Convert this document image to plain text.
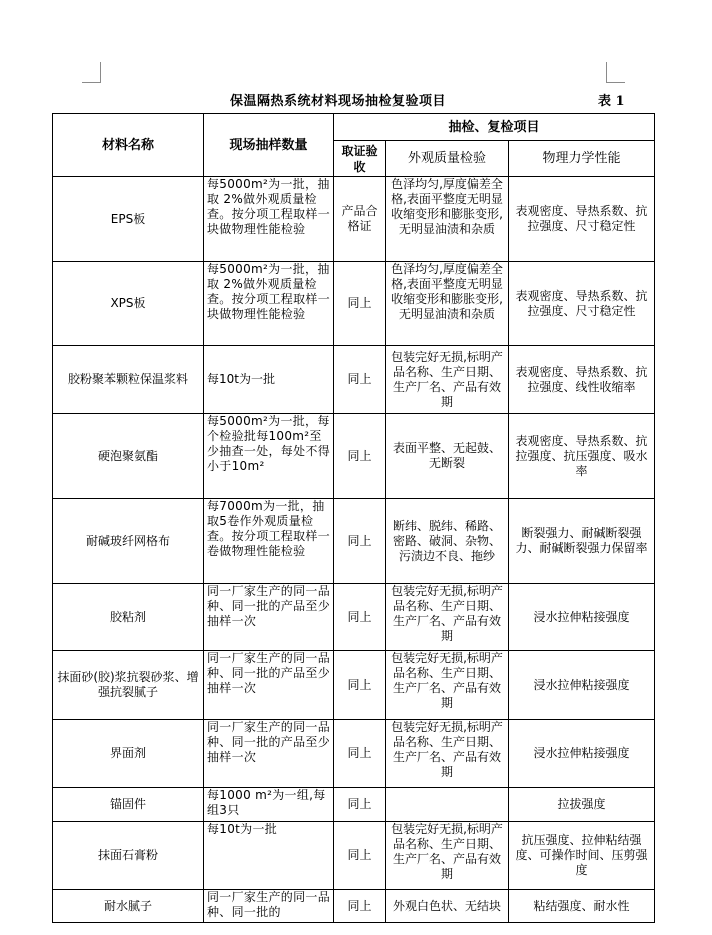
保温隔热系统材料现场抽检复验项目	表 1
材料名称	现场抽样数量	抽检、复检项目		
		取证验收	外观质量检验	物理力学性能
EPS板	每5000m²为一批，抽取 2%做外观质量检查。按分项工程取样一块做物理性能检验	产品合格证	色泽均匀,厚度偏差全格,表面平整度无明显收缩变形和膨胀变形,无明显油渍和杂质	表观密度、导热系数、抗拉强度、尺寸稳定性
XPS板	每5000m²为一批，抽取 2%做外观质量检查。按分项工程取样一块做物理性能检验	同上	色泽均匀,厚度偏差全格,表面平整度无明显收缩变形和膨胀变形,无明显油渍和杂质	表观密度、导热系数、抗拉强度、尺寸稳定性
胶粉聚苯颗粒保温浆料	每10t为一批	同上	包装完好无损,标明产品名称、生产日期、生产厂名、产品有效期	表观密度、导热系数、抗拉强度、线性收缩率
硬泡聚氨酯	每5000m²为一批，每个检验批每100m²至少抽查一处，每处不得小于10m²	同上	表面平整、无起鼓、无断裂	表观密度、导热系数、抗拉强度、抗压强度、吸水率
耐碱玻纤网格布	每7000m为一批，抽取5卷作外观质量检查。按分项工程取样一卷做物理性能检验	同上	断纬、脱纬、稀路、密路、破洞、杂物、污渍边不良、拖纱	断裂强力、耐碱断裂强力、耐碱断裂强力保留率
胶粘剂	同一厂家生产的同一品种、同一批的产品至少抽样一次	同上	包装完好无损,标明产品名称、生产日期、生产厂名、产品有效期	浸水拉伸粘接强度
抹面砂(胶)浆抗裂砂浆、增强抗裂腻子	同一厂家生产的同一品种、同一批的产品至少抽样一次	同上	包装完好无损,标明产品名称、生产日期、生产厂名、产品有效期	浸水拉伸粘接强度
界面剂	同一厂家生产的同一品种、同一批的产品至少抽样一次	同上	包装完好无损,标明产品名称、生产日期、生产厂名、产品有效期	浸水拉伸粘接强度
锚固件	每1000 m²为一组,每组3只	同上		拉拔强度
抹面石膏粉	每10t为一批	同上	包装完好无损,标明产品名称、生产日期、生产厂名、产品有效期	抗压强度、拉伸粘结强度、可操作时间、压剪强度
耐水腻子	同一厂家生产的同一品种、同一批的	同上	外观白色状、无结块	粘结强度、耐水性
